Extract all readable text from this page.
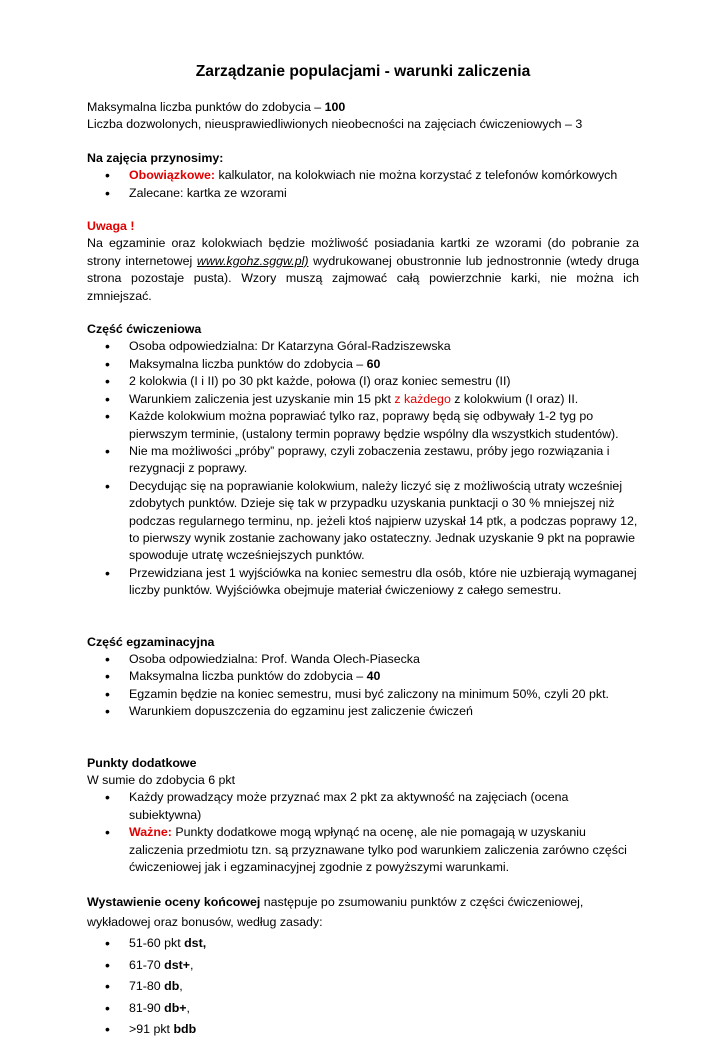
Zarządzanie populacjami - warunki zaliczenia

Maksymalna liczba punktów do zdobycia – 100

Liczba dozwolonych, nieusprawiedliwionych nieobecności na zajęciach ćwiczeniowych – 3

Na zajęcia przynosimy:

• Obowiązkowe: kalkulator, na kolokwiach nie można korzystać z telefonów komórkowych
• Zalecane: kartka ze wzorami

Uwaga !

Na egzaminie oraz kolokwiach będzie możliwość posiadania kartki ze wzorami (do pobranie za strony internetowej www.kgohz.sggw.pl) wydrukowanej obustronnie lub jednostronnie (wtedy druga strona pozostaje pusta). Wzory muszą zajmować całą powierzchnie karki, nie można ich zmniejszać.

Część ćwiczeniowa

• Osoba odpowiedzialna: Dr Katarzyna Góral-Radziszewska
• Maksymalna liczba punktów do zdobycia – 60
• 2 kolokwia (I i II) po 30 pkt każde, połowa (I) oraz koniec semestru (II)
• Warunkiem zaliczenia jest uzyskanie min 15 pkt z każdego z kolokwium (I oraz) II.
• Każde kolokwium można poprawiać tylko raz, poprawy będą się odbywały 1-2 tyg po pierwszym terminie, (ustalony termin poprawy będzie wspólny dla wszystkich studentów).
• Nie ma możliwości „próby” poprawy, czyli zobaczenia zestawu, próby jego rozwiązania i rezygnacji z poprawy.
• Decydując się na poprawianie kolokwium, należy liczyć się z możliwością utraty wcześniej zdobytych punktów. Dzieje się tak w przypadku uzyskania punktacji o 30 % mniejszej niż podczas regularnego terminu, np. jeżeli ktoś najpierw uzyskał 14 ptk, a podczas poprawy 12, to pierwszy wynik zostanie zachowany jako ostateczny. Jednak uzyskanie 9 pkt na poprawie spowoduje utratę wcześniejszych punktów.
• Przewidziana jest 1 wyjściówka na koniec semestru dla osób, które nie uzbierają wymaganej liczby punktów. Wyjściówka obejmuje materiał ćwiczeniowy z całego semestru.

Część egzaminacyjna

• Osoba odpowiedzialna: Prof. Wanda Olech-Piasecka
• Maksymalna liczba punktów do zdobycia – 40
• Egzamin będzie na koniec semestru, musi być zaliczony na minimum 50%, czyli 20 pkt.
• Warunkiem dopuszczenia do egzaminu jest zaliczenie ćwiczeń

Punkty dodatkowe

W sumie do zdobycia 6 pkt

• Każdy prowadzący może przyznać max 2 pkt za aktywność na zajęciach (ocena subiektywna)
• Ważne: Punkty dodatkowe mogą wpłynąć na ocenę, ale nie pomagają w uzyskaniu zaliczenia przedmiotu tzn. są przyznawane tylko pod warunkiem zaliczenia zarówno części ćwiczeniowej jak i egzaminacyjnej zgodnie z powyższymi warunkami.

Wystawienie oceny końcowej następuje po zsumowaniu punktów z części ćwiczeniowej, wykładowej oraz bonusów, według zasady:

• 51-60 pkt dst,
• 61-70 dst+,
• 71-80 db,
• 81-90 db+,
• >91 pkt bdb
